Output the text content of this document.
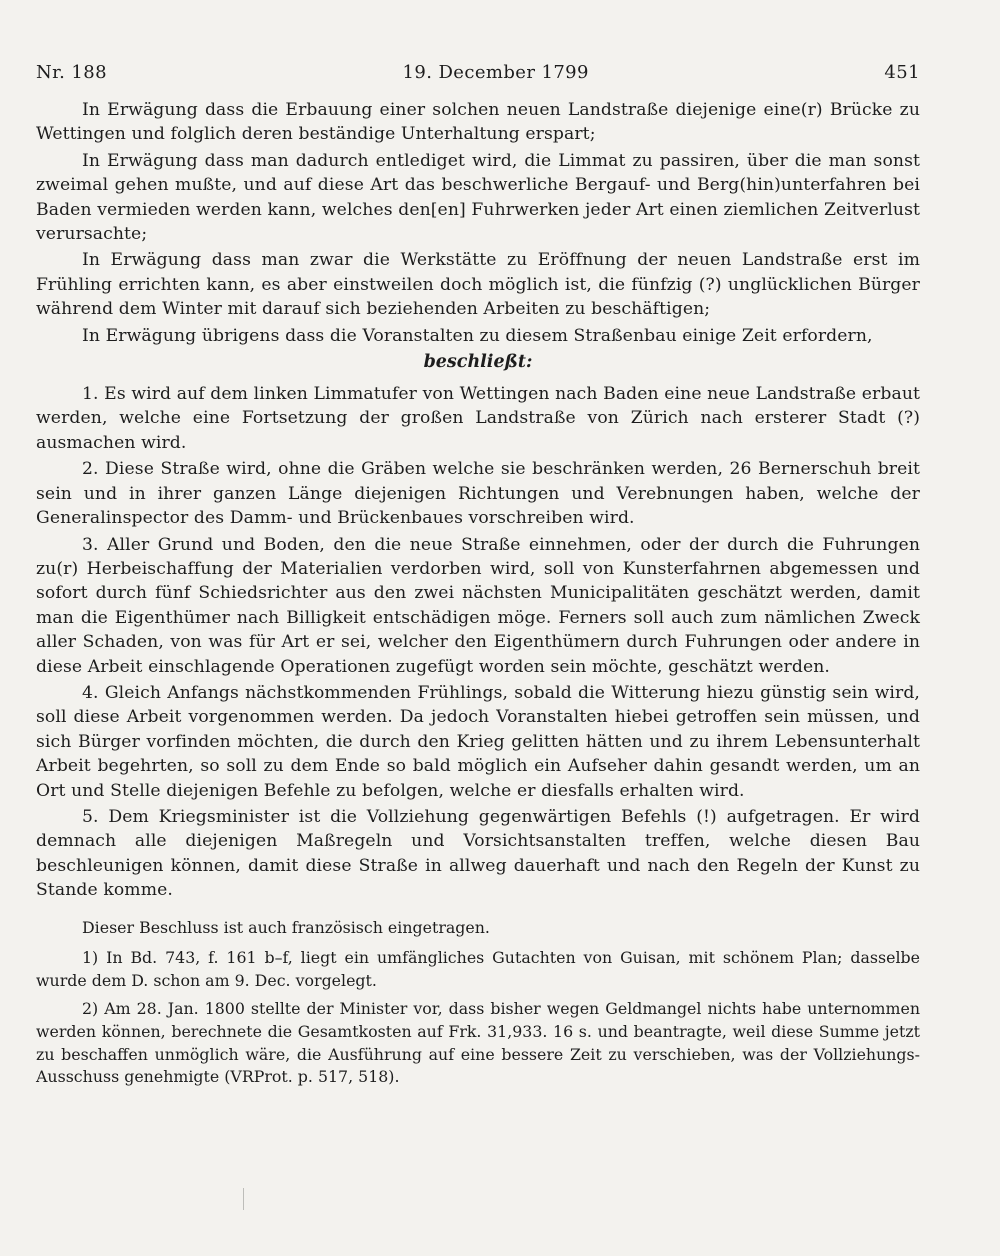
Nr. 188	19. December 1799	451

In Erwägung dass die Erbauung einer solchen neuen Landstraße diejenige eine(r) Brücke zu Wettingen und folglich deren beständige Unterhaltung erspart;

In Erwägung dass man dadurch entlediget wird, die Limmat zu passiren, über die man sonst zweimal gehen mußte, und auf diese Art das beschwerliche Bergauf- und Berg(hin)unterfahren bei Baden vermieden werden kann, welches den[en] Fuhrwerken jeder Art einen ziemlichen Zeitverlust verursachte;

In Erwägung dass man zwar die Werkstätte zu Eröffnung der neuen Landstraße erst im Frühling errichten kann, es aber einstweilen doch möglich ist, die fünfzig (?) unglücklichen Bürger während dem Winter mit darauf sich beziehenden Arbeiten zu beschäftigen;

In Erwägung übrigens dass die Voranstalten zu diesem Straßenbau einige Zeit erfordern,

beschließt:

1. Es wird auf dem linken Limmatufer von Wettingen nach Baden eine neue Landstraße erbaut werden, welche eine Fortsetzung der großen Landstraße von Zürich nach ersterer Stadt (?) ausmachen wird.

2. Diese Straße wird, ohne die Gräben welche sie beschränken werden, 26 Bernerschuh breit sein und in ihrer ganzen Länge diejenigen Richtungen und Verebnungen haben, welche der Generalinspector des Damm- und Brückenbaues vorschreiben wird.

3. Aller Grund und Boden, den die neue Straße einnehmen, oder der durch die Fuhrungen zu(r) Herbeischaffung der Materialien verdorben wird, soll von Kunsterfahrnen abgemessen und sofort durch fünf Schiedsrichter aus den zwei nächsten Municipalitäten geschätzt werden, damit man die Eigenthümer nach Billigkeit entschädigen möge. Ferners soll auch zum nämlichen Zweck aller Schaden, von was für Art er sei, welcher den Eigenthümern durch Fuhrungen oder andere in diese Arbeit einschlagende Operationen zugefügt worden sein möchte, geschätzt werden.

4. Gleich Anfangs nächstkommenden Frühlings, sobald die Witterung hiezu günstig sein wird, soll diese Arbeit vorgenommen werden. Da jedoch Voranstalten hiebei getroffen sein müssen, und sich Bürger vorfinden möchten, die durch den Krieg gelitten hätten und zu ihrem Lebensunterhalt Arbeit begehrten, so soll zu dem Ende so bald möglich ein Aufseher dahin gesandt werden, um an Ort und Stelle diejenigen Befehle zu befolgen, welche er diesfalls erhalten wird.

5. Dem Kriegsminister ist die Vollziehung gegenwärtigen Befehls (!) aufgetragen. Er wird demnach alle diejenigen Maßregeln und Vorsichtsanstalten treffen, welche diesen Bau beschleunigen können, damit diese Straße in allweg dauerhaft und nach den Regeln der Kunst zu Stande komme.

Dieser Beschluss ist auch französisch eingetragen.

1) In Bd. 743, f. 161 b–f, liegt ein umfängliches Gutachten von Guisan, mit schönem Plan; dasselbe wurde dem D. schon am 9. Dec. vorgelegt.

2) Am 28. Jan. 1800 stellte der Minister vor, dass bisher wegen Geldmangel nichts habe unternommen werden können, berechnete die Gesamtkosten auf Frk. 31,933. 16 s. und beantragte, weil diese Summe jetzt zu beschaffen unmöglich wäre, die Ausführung auf eine bessere Zeit zu verschieben, was der Vollziehungs-Ausschuss genehmigte (VRProt. p. 517, 518).
